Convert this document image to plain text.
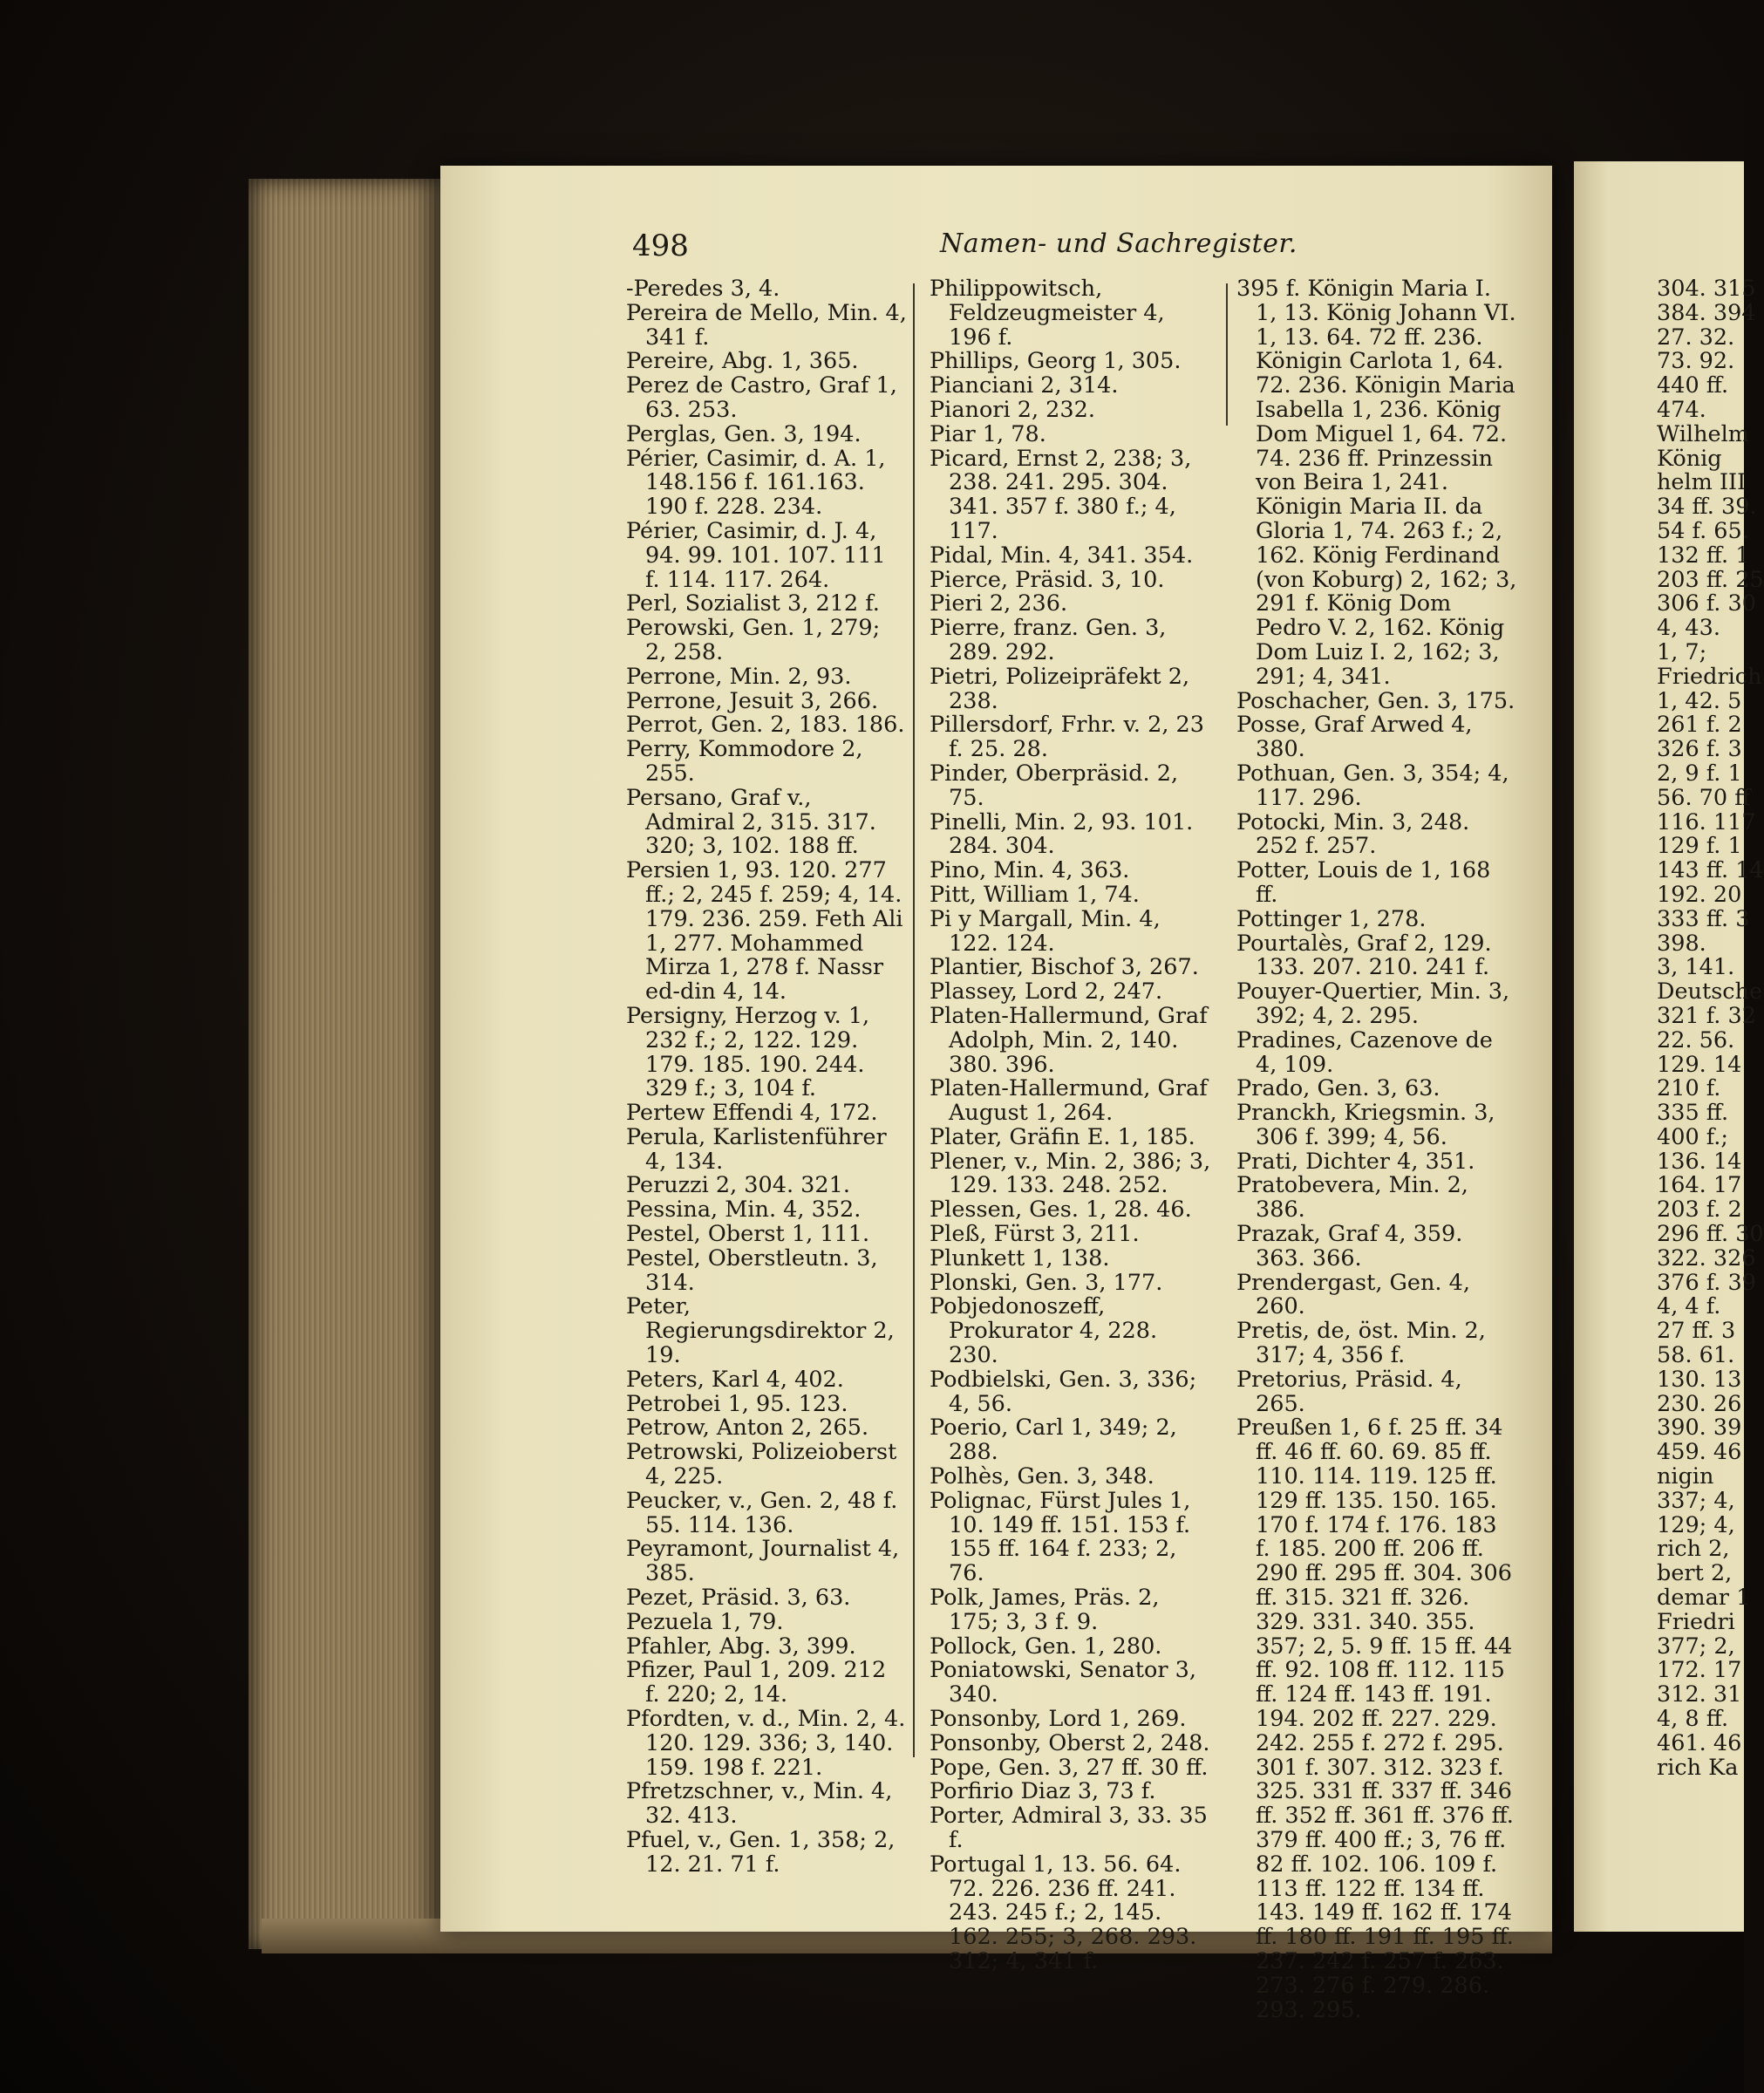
498	Namen- und Sachregister.

-Peredes 3, 4.

Pereira de Mello, Min. 4, 341 f.

Pereire, Abg. 1, 365.

Perez de Castro, Graf 1, 63. 253.

Perglas, Gen. 3, 194.

Périer, Casimir, d. A. 1, 148.156 f. 161.163. 190 f. 228. 234.

Périer, Casimir, d. J. 4, 94. 99. 101. 107. 111 f. 114. 117. 264.

Perl, Sozialist 3, 212 f.

Perowski, Gen. 1, 279; 2, 258.

Perrone, Min. 2, 93.

Perrone, Jesuit 3, 266.

Perrot, Gen. 2, 183. 186.

Perry, Kommodore 2, 255.

Persano, Graf v., Admiral 2, 315. 317. 320; 3, 102. 188 ff.

Persien 1, 93. 120. 277 ff.; 2, 245 f. 259; 4, 14. 179. 236. 259. Feth Ali 1, 277. Mohammed Mirza 1, 278 f. Nassr ed-din 4, 14.

Persigny, Herzog v. 1, 232 f.; 2, 122. 129. 179. 185. 190. 244. 329 f.; 3, 104 f.

Pertew Effendi 4, 172.

Perula, Karlistenführer 4, 134.

Peruzzi 2, 304. 321.

Pessina, Min. 4, 352.

Pestel, Oberst 1, 111.

Pestel, Oberstleutn. 3, 314.

Peter, Regierungsdirektor 2, 19.

Peters, Karl 4, 402.

Petrobei 1, 95. 123.

Petrow, Anton 2, 265.

Petrowski, Polizeioberst 4, 225.

Peucker, v., Gen. 2, 48 f. 55. 114. 136.

Peyramont, Journalist 4, 385.

Pezet, Präsid. 3, 63.

Pezuela 1, 79.

Pfahler, Abg. 3, 399.

Pfizer, Paul 1, 209. 212 f. 220; 2, 14.

Pfordten, v. d., Min. 2, 4. 120. 129. 336; 3, 140. 159. 198 f. 221.

Pfretzschner, v., Min. 4, 32. 413.

Pfuel, v., Gen. 1, 358; 2, 12. 21. 71 f.

Philippowitsch, Feldzeugmeister 4, 196 f.

Phillips, Georg 1, 305.

Pianciani 2, 314.

Pianori 2, 232.

Piar 1, 78.

Picard, Ernst 2, 238; 3, 238. 241. 295. 304. 341. 357 f. 380 f.; 4, 117.

Pidal, Min. 4, 341. 354.

Pierce, Präsid. 3, 10.

Pieri 2, 236.

Pierre, franz. Gen. 3, 289. 292.

Pietri, Polizeipräfekt 2, 238.

Pillersdorf, Frhr. v. 2, 23 f. 25. 28.

Pinder, Oberpräsid. 2, 75.

Pinelli, Min. 2, 93. 101. 284. 304.

Pino, Min. 4, 363.

Pitt, William 1, 74.

Pi y Margall, Min. 4, 122. 124.

Plantier, Bischof 3, 267.

Plassey, Lord 2, 247.

Platen-Hallermund, Graf Adolph, Min. 2, 140. 380. 396.

Platen-Hallermund, Graf August 1, 264.

Plater, Gräfin E. 1, 185.

Plener, v., Min. 2, 386; 3, 129. 133. 248. 252.

Plessen, Ges. 1, 28. 46.

Pleß, Fürst 3, 211.

Plunkett 1, 138.

Plonski, Gen. 3, 177.

Pobjedonoszeff, Prokurator 4, 228. 230.

Podbielski, Gen. 3, 336; 4, 56.

Poerio, Carl 1, 349; 2, 288.

Polhès, Gen. 3, 348.

Polignac, Fürst Jules 1, 10. 149 ff. 151. 153 f. 155 ff. 164 f. 233; 2, 76.

Polk, James, Präs. 2, 175; 3, 3 f. 9.

Pollock, Gen. 1, 280.

Poniatowski, Senator 3, 340.

Ponsonby, Lord 1, 269.

Ponsonby, Oberst 2, 248.

Pope, Gen. 3, 27 ff. 30 ff.

Porfirio Diaz 3, 73 f.

Porter, Admiral 3, 33. 35 f.

Portugal 1, 13. 56. 64. 72. 226. 236 ff. 241. 243. 245 f.; 2, 145. 162. 255; 3, 268. 293. 312; 4, 341 f.

395 f. Königin Maria I. 1, 13. König Johann VI. 1, 13. 64. 72 ff. 236. Königin Carlota 1, 64. 72. 236. Königin Maria Isabella 1, 236. König Dom Miguel 1, 64. 72. 74. 236 ff. Prinzessin von Beira 1, 241. Königin Maria II. da Gloria 1, 74. 263 f.; 2, 162. König Ferdinand (von Koburg) 2, 162; 3, 291 f. König Dom Pedro V. 2, 162. König Dom Luiz I. 2, 162; 3, 291; 4, 341.

Poschacher, Gen. 3, 175.

Posse, Graf Arwed 4, 380.

Pothuan, Gen. 3, 354; 4, 117. 296.

Potocki, Min. 3, 248. 252 f. 257.

Potter, Louis de 1, 168 ff.

Pottinger 1, 278.

Pourtalès, Graf 2, 129. 133. 207. 210. 241 f.

Pouyer-Quertier, Min. 3, 392; 4, 2. 295.

Pradines, Cazenove de 4, 109.

Prado, Gen. 3, 63.

Pranckh, Kriegsmin. 3, 306 f. 399; 4, 56.

Prati, Dichter 4, 351.

Pratobevera, Min. 2, 386.

Prazak, Graf 4, 359. 363. 366.

Prendergast, Gen. 4, 260.

Pretis, de, öst. Min. 2, 317; 4, 356 f.

Pretorius, Präsid. 4, 265.

Preußen 1, 6 f. 25 ff. 34 ff. 46 ff. 60. 69. 85 ff. 110. 114. 119. 125 ff. 129 ff. 135. 150. 165. 170 f. 174 f. 176. 183 f. 185. 200 ff. 206 ff. 290 ff. 295 ff. 304. 306 ff. 315. 321 ff. 326. 329. 331. 340. 355. 357; 2, 5. 9 ff. 15 ff. 44 ff. 92. 108 ff. 112. 115 ff. 124 ff. 143 ff. 191. 194. 202 ff. 227. 229. 242. 255 f. 272 f. 295. 301 f. 307. 312. 323 f. 325. 331 ff. 337 ff. 346 ff. 352 ff. 361 ff. 376 ff. 379 ff. 400 ff.; 3, 76 ff. 82 ff. 102. 106. 109 f. 113 ff. 122 ff. 134 ff. 143. 149 ff. 162 ff. 174 ff. 180 ff. 191 ff. 195 ff. 237. 242 f. 257 f. 263. 273. 276 f. 279. 286. 293. 295.

304. 315

384. 394

27. 32.

73. 92.

440 ff.

474.

Wilhelm

König

helm III

34 ff. 39.

54 f. 65.

132 ff. 1

203 ff. 25

306 f. 30

4, 43.

1, 7;

Friedrich

1, 42. 5

261 f. 2

326 f. 3

2, 9 f. 1

56. 70 ff

116. 117

129 f. 1

143 ff. 14

192. 20

333 ff. 3

398.

3, 141.

Deutsche

321 f. 32

22. 56.

129. 14

210 f.

335 ff.

400 f.;

136. 14

164. 17

203 f. 2

296 ff. 30

322. 326

376 f. 39

4, 4 f.

27 ff. 3

58. 61.

130. 13

230. 26

390. 39

459. 46

nigin

337; 4,

129; 4,

rich 2,

bert 2,

demar 1

Friedri

377; 2,

172. 17

312. 31

4, 8 ff.

461. 46

rich Ka
